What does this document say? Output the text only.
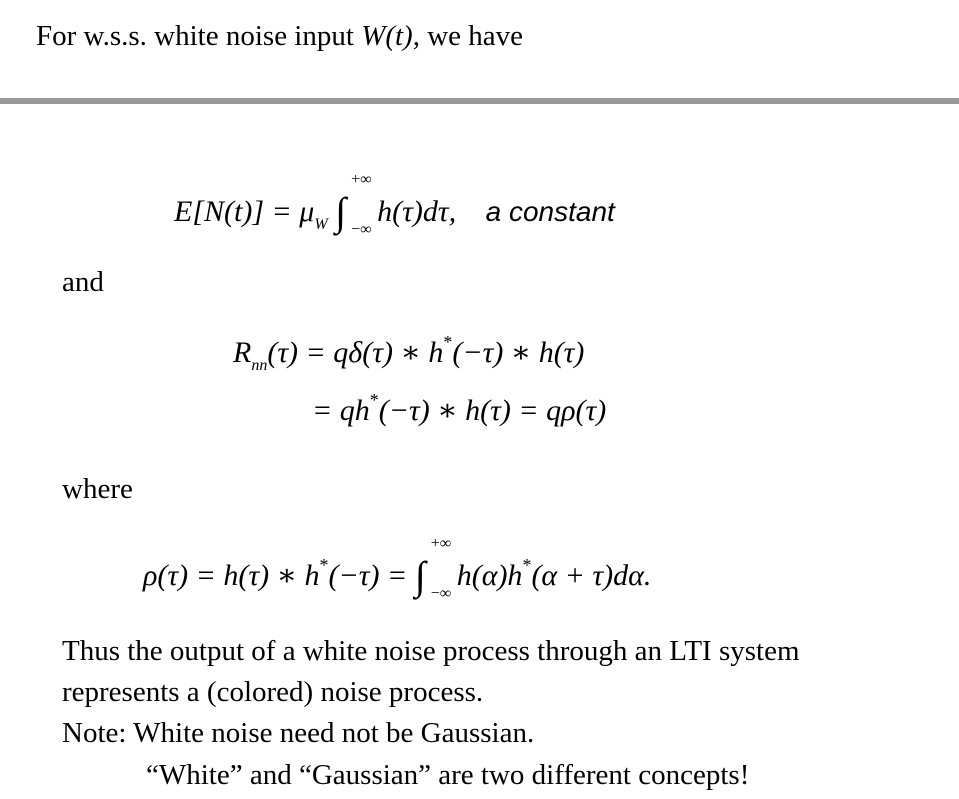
For w.s.s. white noise input W(t), we have
$E[N(t)] = \mu_W$ ∫
+∞
−∞
h(τ)dτ, a constant
and
$R_{nn}(\tau) = q\delta(\tau)$ ∗ h*(−τ) ∗ h(τ)
= qh*(−τ) ∗ h(τ) = qρ(τ)
where
ρ(τ) = h(τ) ∗ h*(−τ) = ∫
+∞
−∞
h(α)h*(α + τ)dα.
Thus the output of a white noise process through an LTI system
represents a (colored) noise process.
Note: White noise need not be Gaussian.
“White” and “Gaussian” are two different concepts!
